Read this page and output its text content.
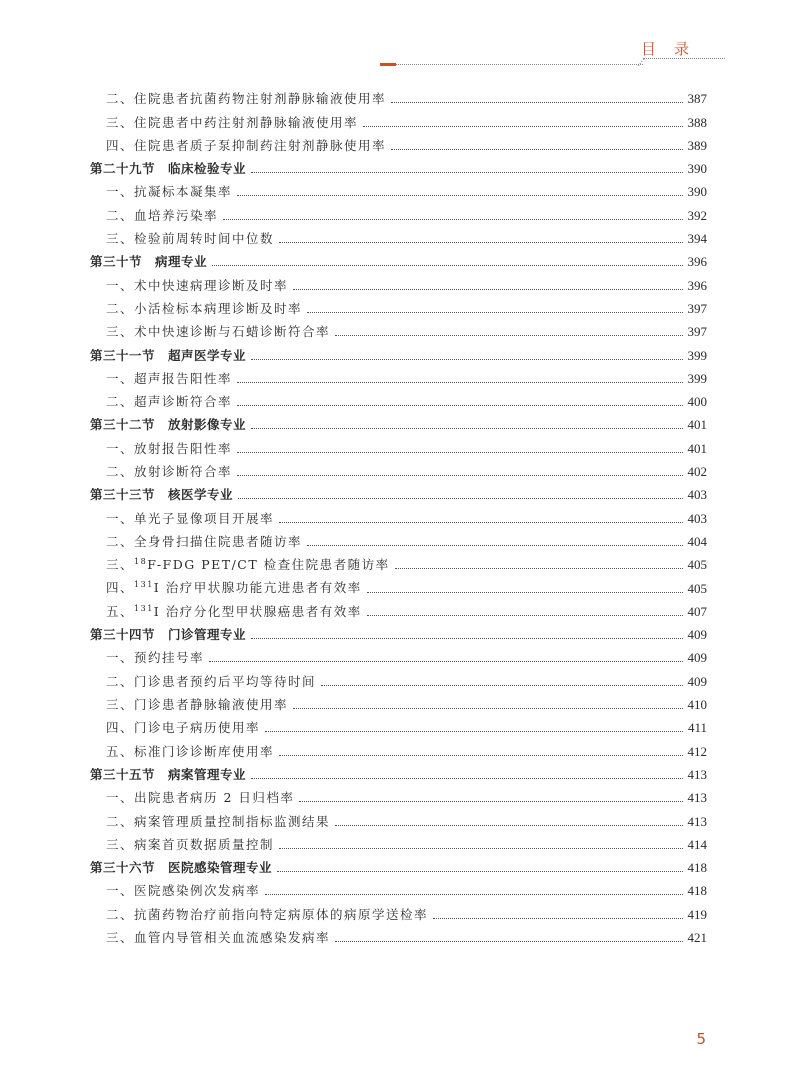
目录
二、住院患者抗菌药物注射剂静脉输液使用率	387
三、住院患者中药注射剂静脉输液使用率	388
四、住院患者质子泵抑制药注射剂静脉使用率	389
第二十九节　临床检验专业	390
一、抗凝标本凝集率	390
二、血培养污染率	392
三、检验前周转时间中位数	394
第三十节　病理专业	396
一、术中快速病理诊断及时率	396
二、小活检标本病理诊断及时率	397
三、术中快速诊断与石蜡诊断符合率	397
第三十一节　超声医学专业	399
一、超声报告阳性率	399
二、超声诊断符合率	400
第三十二节　放射影像专业	401
一、放射报告阳性率	401
二、放射诊断符合率	402
第三十三节　核医学专业	403
一、单光子显像项目开展率	403
二、全身骨扫描住院患者随访率	404
三、$^{18}$F-FDG PET/CT 检查住院患者随访率	405
四、$^{131}$I 治疗甲状腺功能亢进患者有效率	405
五、$^{131}$I 治疗分化型甲状腺癌患者有效率	407
第三十四节　门诊管理专业	409
一、预约挂号率	409
二、门诊患者预约后平均等待时间	409
三、门诊患者静脉输液使用率	410
四、门诊电子病历使用率	411
五、标准门诊诊断库使用率	412
第三十五节　病案管理专业	413
一、出院患者病历 2 日归档率	413
二、病案管理质量控制指标监测结果	413
三、病案首页数据质量控制	414
第三十六节　医院感染管理专业	418
一、医院感染例次发病率	418
二、抗菌药物治疗前指向特定病原体的病原学送检率	419
三、血管内导管相关血流感染发病率	421
5
